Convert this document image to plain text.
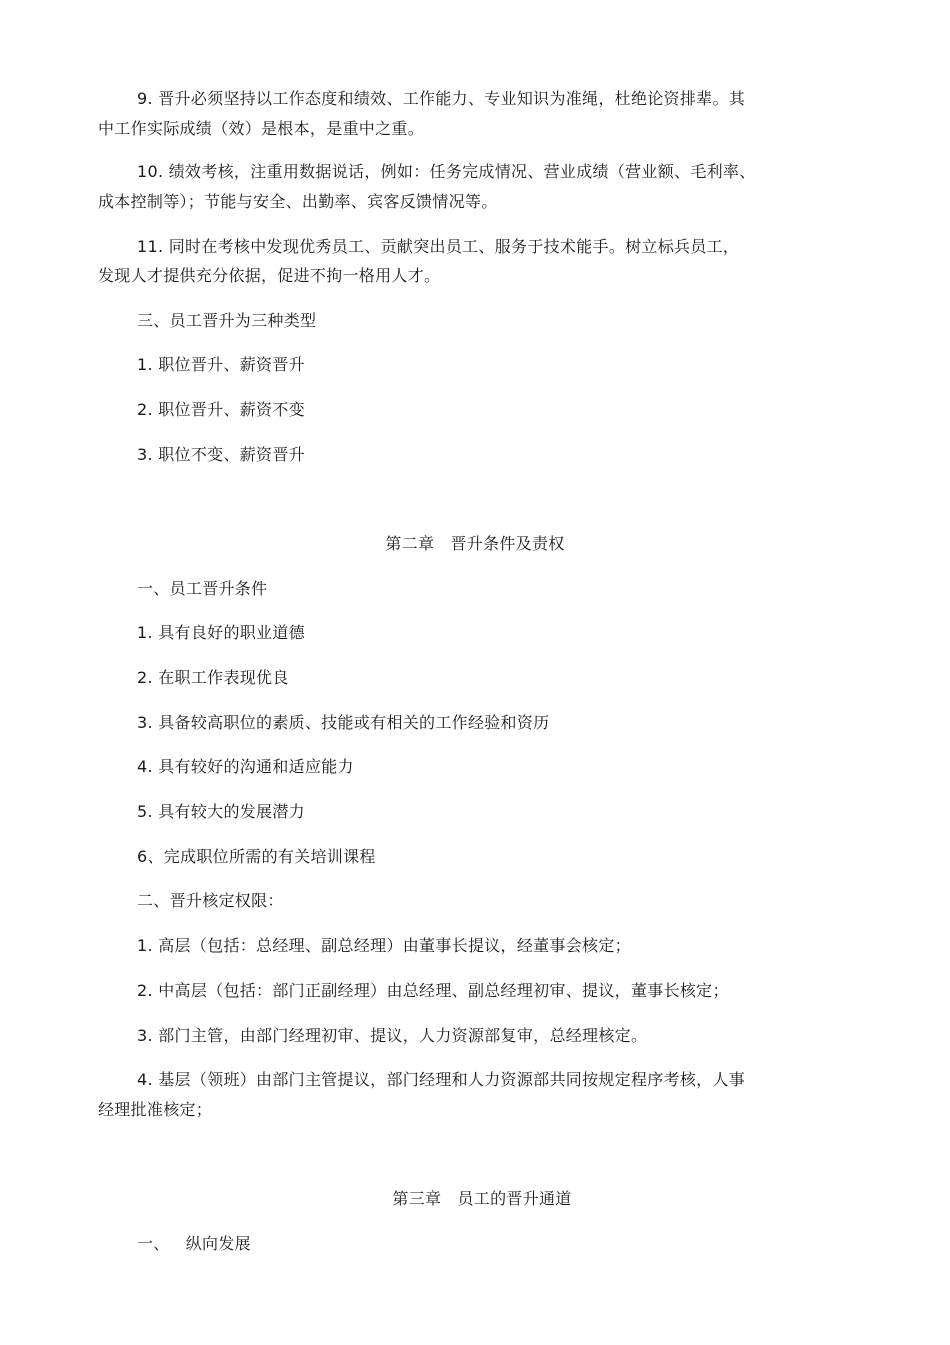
9. 晋升必须坚持以工作态度和绩效、工作能力、专业知识为准绳，杜绝论资排辈。其
中工作实际成绩（效）是根本，是重中之重。
10. 绩效考核，注重用数据说话，例如：任务完成情况、营业成绩（营业额、毛利率、
成本控制等）；节能与安全、出勤率、宾客反馈情况等。
11. 同时在考核中发现优秀员工、贡献突出员工、服务于技术能手。树立标兵员工，
发现人才提供充分依据，促进不拘一格用人才。
三、员工晋升为三种类型
1. 职位晋升、薪资晋升
2. 职位晋升、薪资不变
3. 职位不变、薪资晋升
第二章   晋升条件及责权
一、员工晋升条件
1. 具有良好的职业道德
2. 在职工作表现优良
3. 具备较高职位的素质、技能或有相关的工作经验和资历
4. 具有较好的沟通和适应能力
5. 具有较大的发展潜力
6、完成职位所需的有关培训课程
二、晋升核定权限：
1. 高层（包括：总经理、副总经理）由董事长提议，经董事会核定；
2. 中高层（包括：部门正副经理）由总经理、副总经理初审、提议，董事长核定；
3. 部门主管，由部门经理初审、提议，人力资源部复审，总经理核定。
4. 基层（领班）由部门主管提议，部门经理和人力资源部共同按规定程序考核，人事
经理批准核定；
第三章   员工的晋升通道
一、   纵向发展
